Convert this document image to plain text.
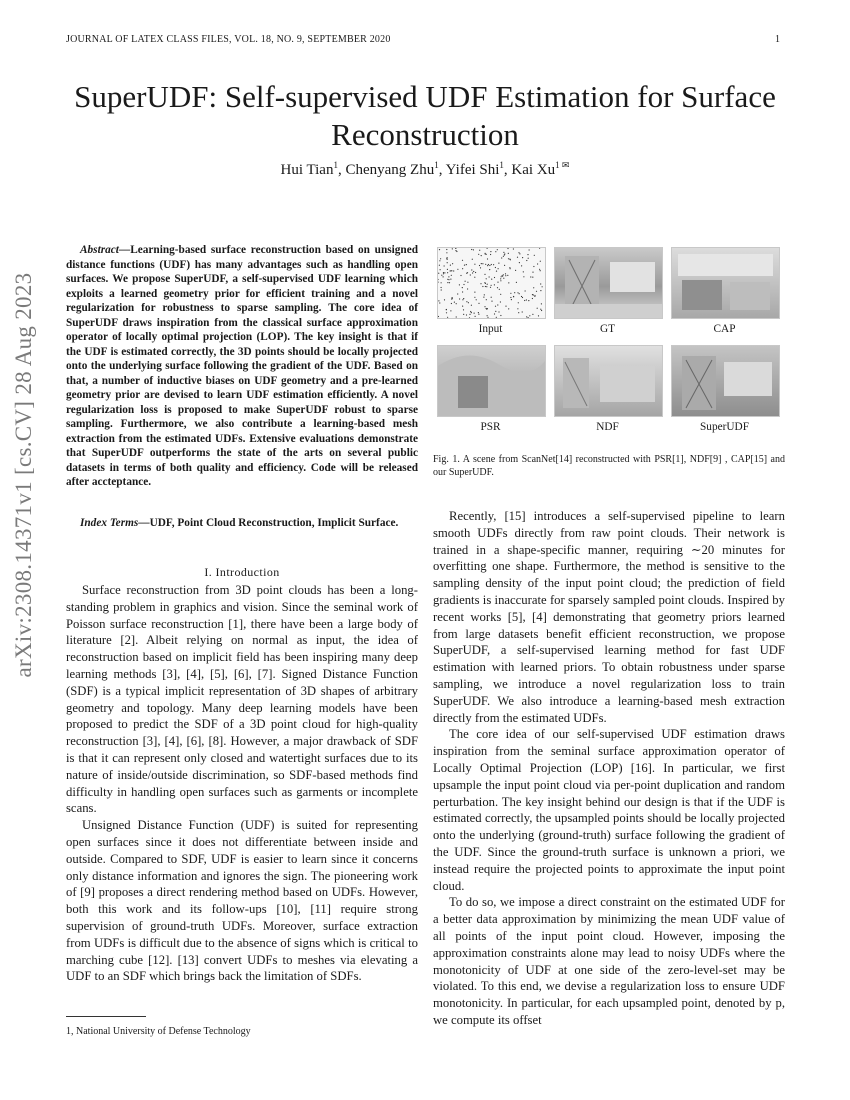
JOURNAL OF LATEX CLASS FILES, VOL. 18, NO. 9, SEPTEMBER 2020	1
SuperUDF: Self-supervised UDF Estimation for Surface Reconstruction
Hui Tian$^1$, Chenyang Zhu$^1$, Yifei Shi$^1$, Kai $Xu^{1 ✉}$
arXiv:2308.14371v1 [cs.CV] 28 Aug 2023
Abstract—Learning-based surface reconstruction based on unsigned distance functions (UDF) has many advantages such as handling open surfaces. We propose SuperUDF, a self-supervised UDF learning which exploits a learned geometry prior for efficient training and a novel regularization for robustness to sparse sampling. The core idea of SuperUDF draws inspiration from the classical surface approximation operator of locally optimal projection (LOP). The key insight is that if the UDF is estimated correctly, the 3D points should be locally projected onto the underlying surface following the gradient of the UDF. Based on that, a number of inductive biases on UDF geometry and a pre-learned geometry prior are devised to learn UDF estimation efficiently. A novel regularization loss is proposed to make SuperUDF robust to sparse sampling. Furthermore, we also contribute a learning-based mesh extraction from the estimated UDFs. Extensive evaluations demonstrate that SuperUDF outperforms the state of the arts on several public datasets in terms of both quality and efficiency. Code will be released after accteptance.
Index Terms—UDF, Point Cloud Reconstruction, Implicit Surface.
I. Introduction

Surface reconstruction from 3D point clouds has been a long-standing problem in graphics and vision. Since the seminal work of Poisson surface reconstruction [1], there have been a large body of literature [2]. Albeit relying on normal as input, the idea of reconstruction based on implicit field has been inspiring many deep learning methods [3], [4], [5], [6], [7]. Signed Distance Function (SDF) is a typical implicit representation of 3D shapes of arbitrary geometry and topology. Many deep learning models have been proposed to predict the SDF of a 3D point cloud for high-quality reconstruction [3], [4], [6], [8]. However, a major drawback of SDF is that it can represent only closed and watertight surfaces due to its nature of inside/outside discrimination, so SDF-based methods find difficulty in handling open surfaces such as garments or incomplete scans.

Unsigned Distance Function (UDF) is suited for representing open surfaces since it does not differentiate between inside and outside. Compared to SDF, UDF is easier to learn since it concerns only distance information and ignores the sign. The pioneering work of [9] proposes a direct rendering method based on UDFs. However, both this work and its follow-ups [10], [11] require strong supervision of ground-truth UDFs. Moreover, surface extraction from UDFs is difficult due to the absence of signs which is critical to marching cube [12]. [13] convert UDFs to meshes via elevating a UDF to an SDF which brings back the limitation of SDFs.

1, National University of Defense Technology
Input	GT	CAP
PSR	NDF	SuperUDF
Fig. 1. A scene from ScanNet[14] reconstructed with PSR[1], NDF[9] , CAP[15] and our SuperUDF.

Recently, [15] introduces a self-supervised pipeline to learn smooth UDFs directly from raw point clouds. Their network is trained in a shape-specific manner, requiring ∼20 minutes for overfitting one shape. Furthermore, the method is sensitive to the sampling density of the input point cloud; the prediction of field gradients is inaccurate for sparsely sampled point clouds. Inspired by recent works [5], [4] demonstrating that geometry priors learned from large datasets benefit efficient reconstruction, we propose SuperUDF, a self-supervised learning method for fast UDF estimation with learned priors. To obtain robustness under sparse sampling, we introduce a novel regularization loss to train SuperUDF. We also introduce a learning-based mesh extraction directly from the estimated UDFs.

The core idea of our self-supervised UDF estimation draws inspiration from the seminal surface approximation operator of Locally Optimal Projection (LOP) [16]. In particular, we first upsample the input point cloud via per-point duplication and random perturbation. The key insight behind our design is that if the UDF is estimated correctly, the upsampled points should be locally projected onto the underlying (ground-truth) surface following the gradient of the UDF. Since the ground-truth surface is unknown a priori, we instead require the projected points to approximate the input point cloud.

To do so, we impose a direct constraint on the estimated UDF for a better data approximation by minimizing the mean UDF value of all points of the input point cloud. However, imposing the approximation constraints alone may lead to noisy UDFs where the monotonicity of UDF at one side of the zero-level-set may be violated. To this end, we devise a regularization loss to ensure UDF monotonicity. In particular, for each upsampled point, denoted by p, we compute its offset
